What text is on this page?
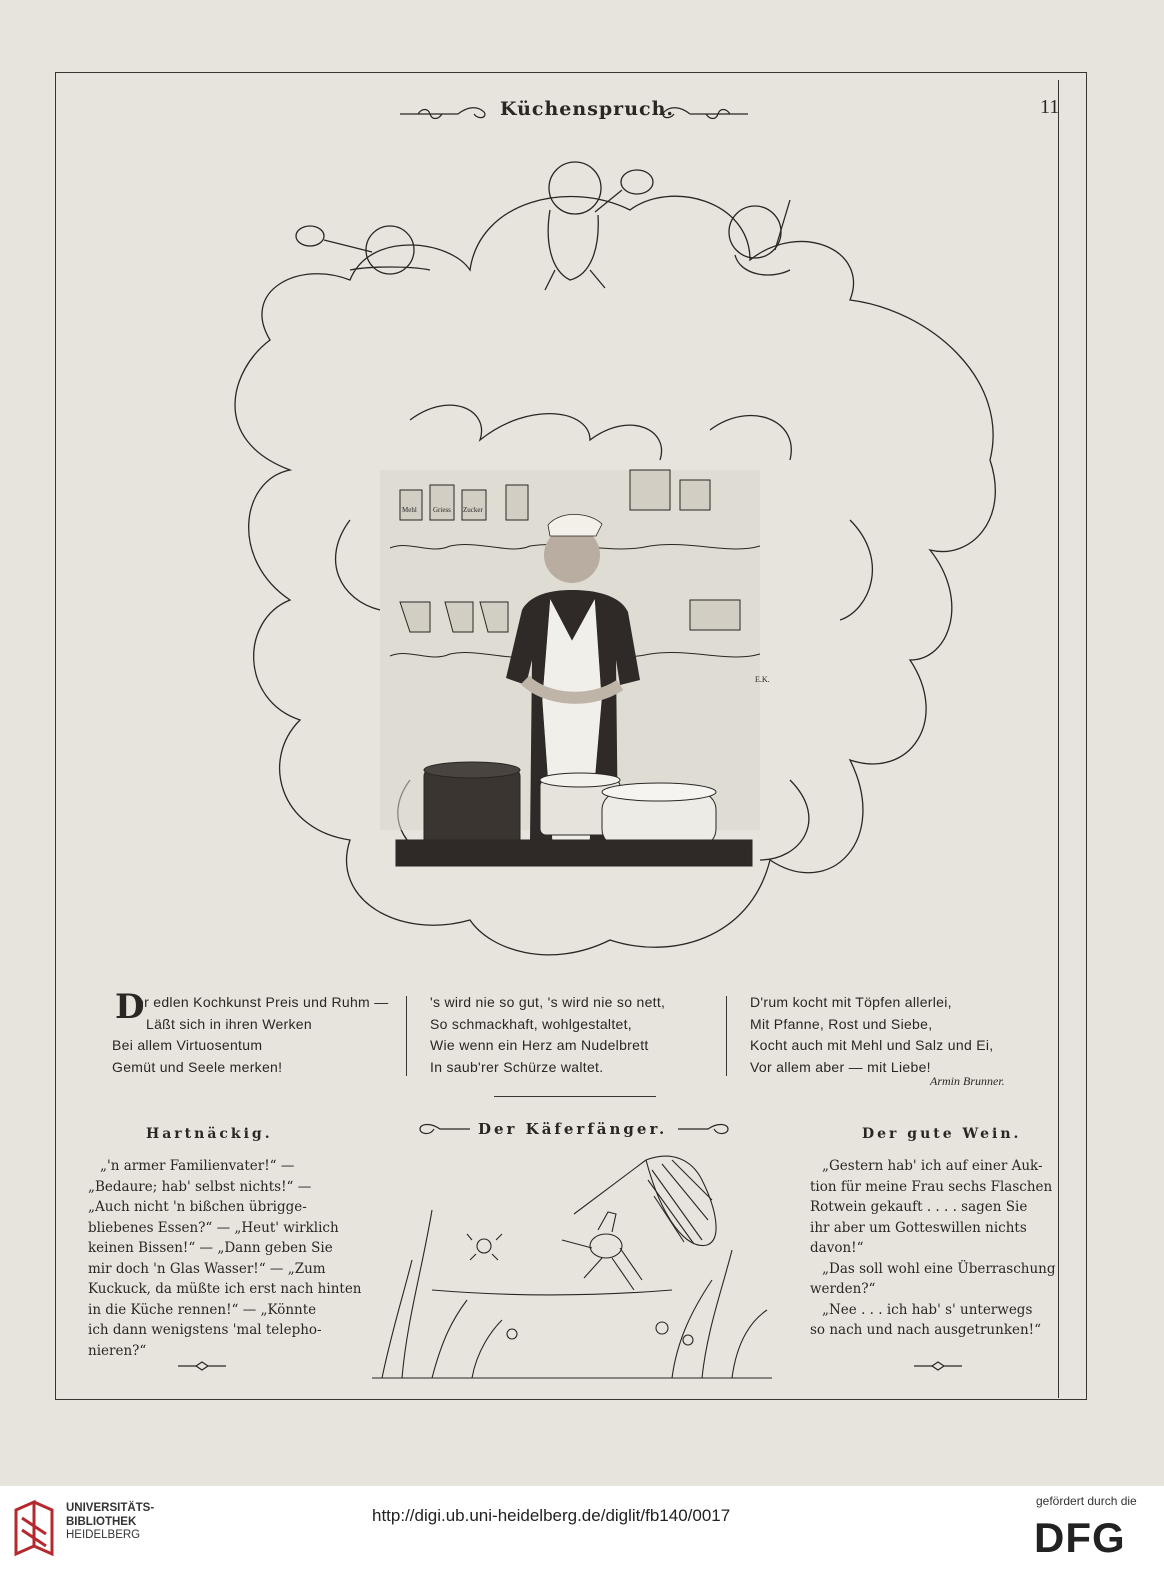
Küchenspruch.	11
Mehl Griess Zucker
E.K.
D
er edlen Kochkunst Preis und Ruhm —
Läßt sich in ihren Werken
Bei allem Virtuosentum
Gemüt und Seele merken!
's wird nie so gut, 's wird nie so nett,
So schmackhaft, wohlgestaltet,
Wie wenn ein Herz am Nudelbrett
In saub'rer Schürze waltet.
D'rum kocht mit Töpfen allerlei,
Mit Pfanne, Rost und Siebe,
Kocht auch mit Mehl und Salz und Ei,
Vor allem aber — mit Liebe!
Armin Brunner.
Hartnäckig.
„'n armer Familienvater!“ —
„Bedaure; hab' selbst nichts!“ —
„Auch nicht 'n bißchen übrigge-
bliebenes Essen?“ — „Heut' wirklich
keinen Bissen!“ — „Dann geben Sie
mir doch 'n Glas Wasser!“ — „Zum
Kuckuck, da müßte ich erst nach hinten
in die Küche rennen!“ — „Könnte
ich dann wenigstens 'mal telepho-
nieren?“
Der Käferfänger.	Der gute Wein.
„Gestern hab' ich auf einer Auk-
tion für meine Frau sechs Flaschen
Rotwein gekauft . . . . sagen Sie
ihr aber um Gotteswillen nichts
davon!“
„Das soll wohl eine Überraschung
werden?“
„Nee . . . ich hab' s' unterwegs
so nach und nach ausgetrunken!“
UNIVERSITÄTS-
BIBLIOTHEK
HEIDELBERG
http://digi.ub.uni-heidelberg.de/diglit/fb140/0017
gefördert durch die
DFG
